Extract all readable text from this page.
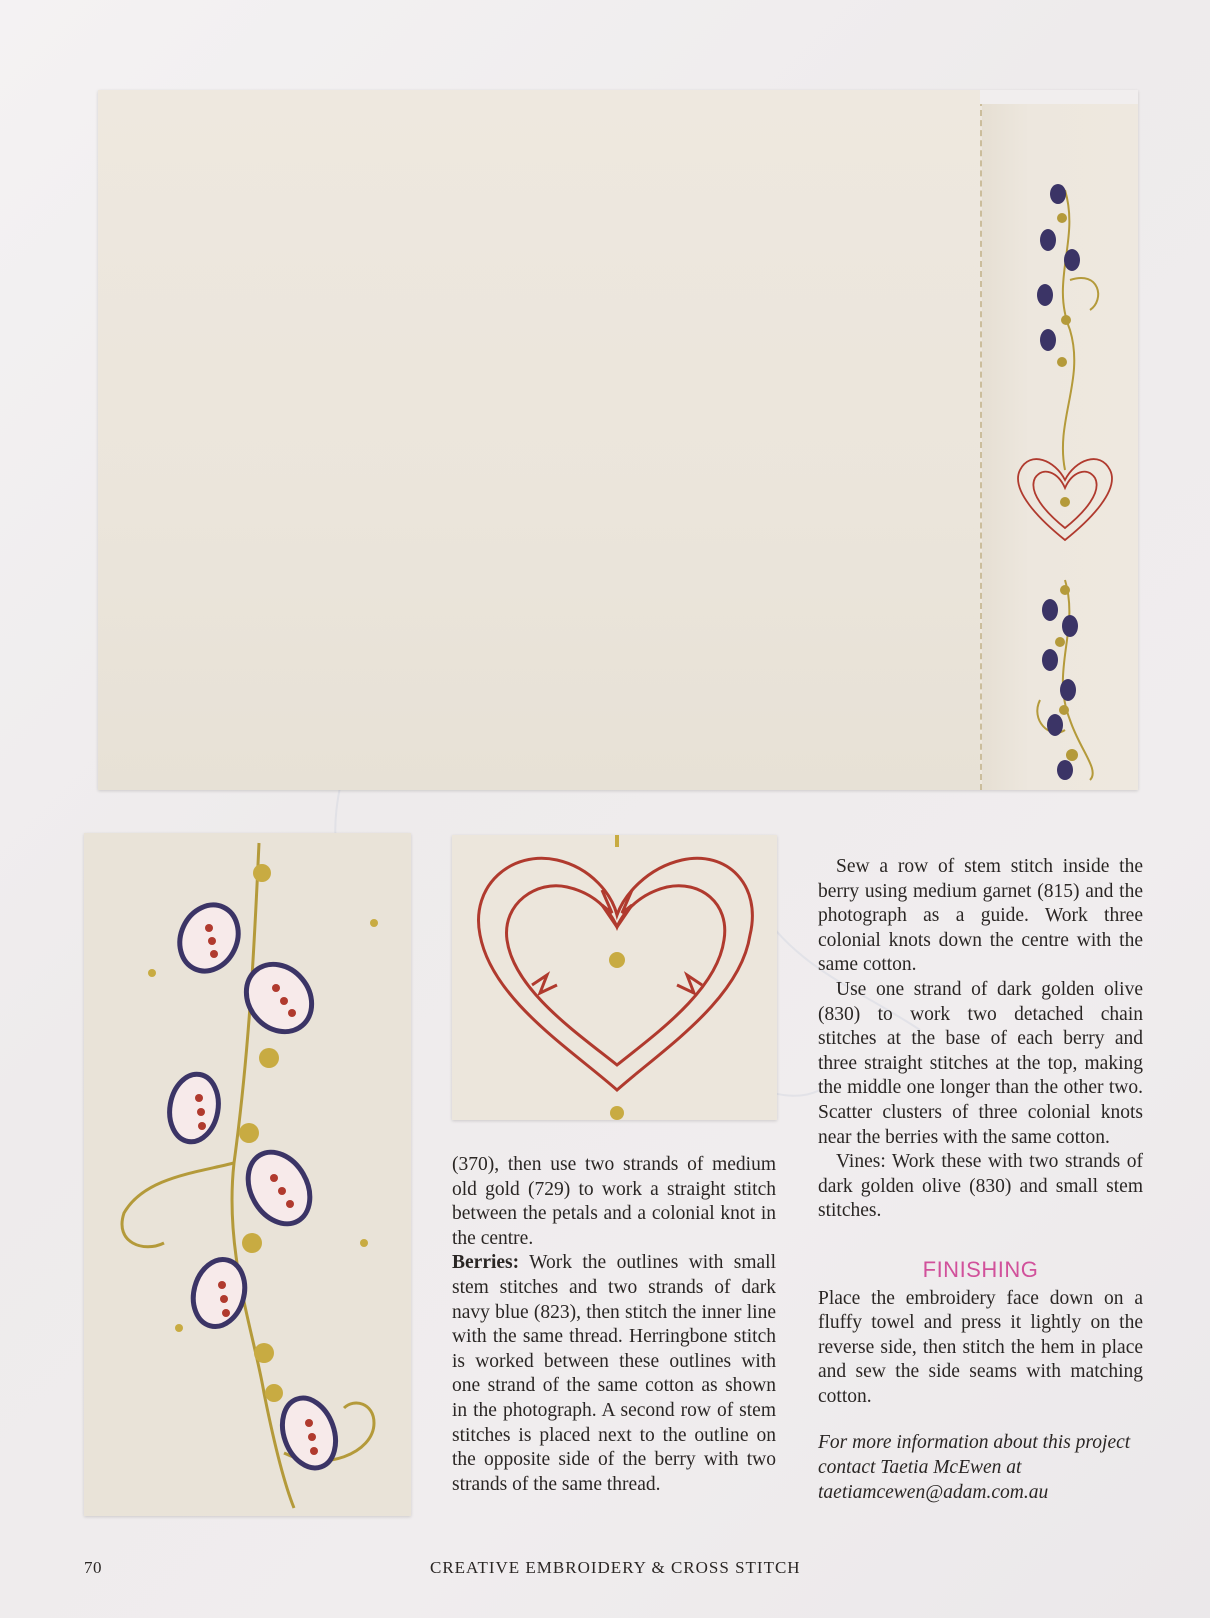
(370), then use two strands of medium old gold (729) to work a straight stitch between the petals and a colonial knot in the centre.

Berries: Work the outlines with small stem stitches and two strands of dark navy blue (823), then stitch the inner line with the same thread. Herringbone stitch is worked between these outlines with one strand of the same cotton as shown in the photograph. A second row of stem stitches is placed next to the outline on the opposite side of the berry with two strands of the same thread.

Sew a row of stem stitch inside the berry using medium garnet (815) and the photograph as a guide. Work three colonial knots down the centre with the same cotton.

Use one strand of dark golden olive (830) to work two detached chain stitches at the base of each berry and three straight stitches at the top, making the middle one longer than the other two. Scatter clusters of three colonial knots near the berries with the same cotton.

Vines: Work these with two strands of dark golden olive (830) and small stem stitches.

FINISHING

Place the embroidery face down on a fluffy towel and press it lightly on the reverse side, then stitch the hem in place and sew the side seams with matching cotton.

For more information about this project contact Taetia McEwen at taetiamcewen@adam.com.au

70	CREATIVE EMBROIDERY & CROSS STITCH
